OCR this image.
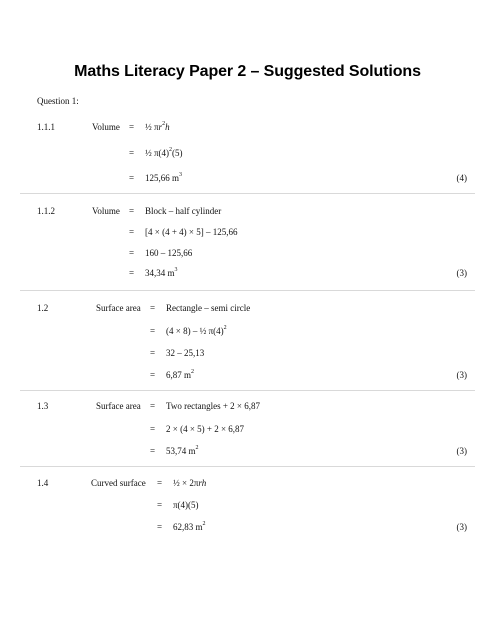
Maths Literacy Paper 2 – Suggested Solutions
Question 1:
1.1.1	Volume = ½ $\pi r^2h$
= ½ $\pi(4)^2(5)$
= 125,66 $m^3$	(4)
1.1.2	Volume = Block – half cylinder
= [4 × (4 + 4) × 5] – 125,66
= 160 – 125,66
= 34,34 $m^3$	(3)
1.2	Surface area = Rectangle – semi circle
= (4 × 8) – ½ $\pi(4)^2$
= 32 – 25,13
= 6,87 $m^2$	(3)
1.3	Surface area = Two rectangles + 2 × 6,87
= 2 × (4 × 5) + 2 × 6,87
= 53,74 $m^2$	(3)
1.4	Curved surface = ½ × 2πrh
= π(4)(5)
= 62,83 $m^2$	(3)
